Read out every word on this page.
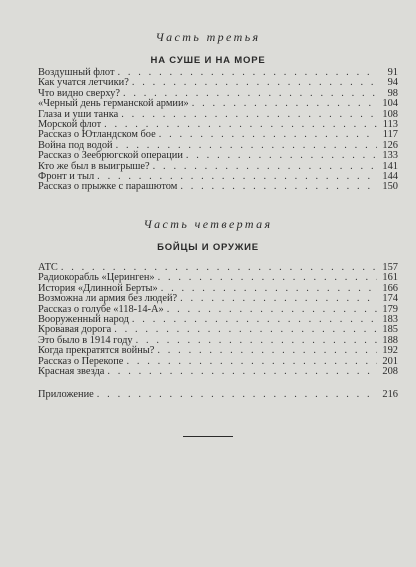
Часть третья
НА СУШЕ И НА МОРЕ
Воздушный флот . . .	91
Как учатся летчики? . . .	94
Что видно сверху? . . .	98
«Черный день германской армии» . . .	104
Глаза и уши танка . . .	108
Морской флот . . .	113
Рассказ о Ютландском бое . . .	117
Война под водой . . .	126
Рассказ о Зеебрюгской операции . . .	133
Кто же был в выигрыше? . . .	141
Фронт и тыл . . .	144
Рассказ о прыжке с парашютом . . .	150
Часть четвертая
БОЙЦЫ И ОРУЖИЕ
АТС . . .	157
Радиокорабль «Церинген» . . .	161
История «Длинной Берты» . . .	166
Возможна ли армия без людей? . . .	174
Рассказ о голубе «118-14-А» . . .	179
Вооруженный народ . . .	183
Кровавая дорога . . .	185
Это было в 1914 году . . .	188
Когда прекратятся войны? . . .	192
Рассказ о Перекопе . . .	201
Красная звезда . . .	208
Приложение . . .	216
